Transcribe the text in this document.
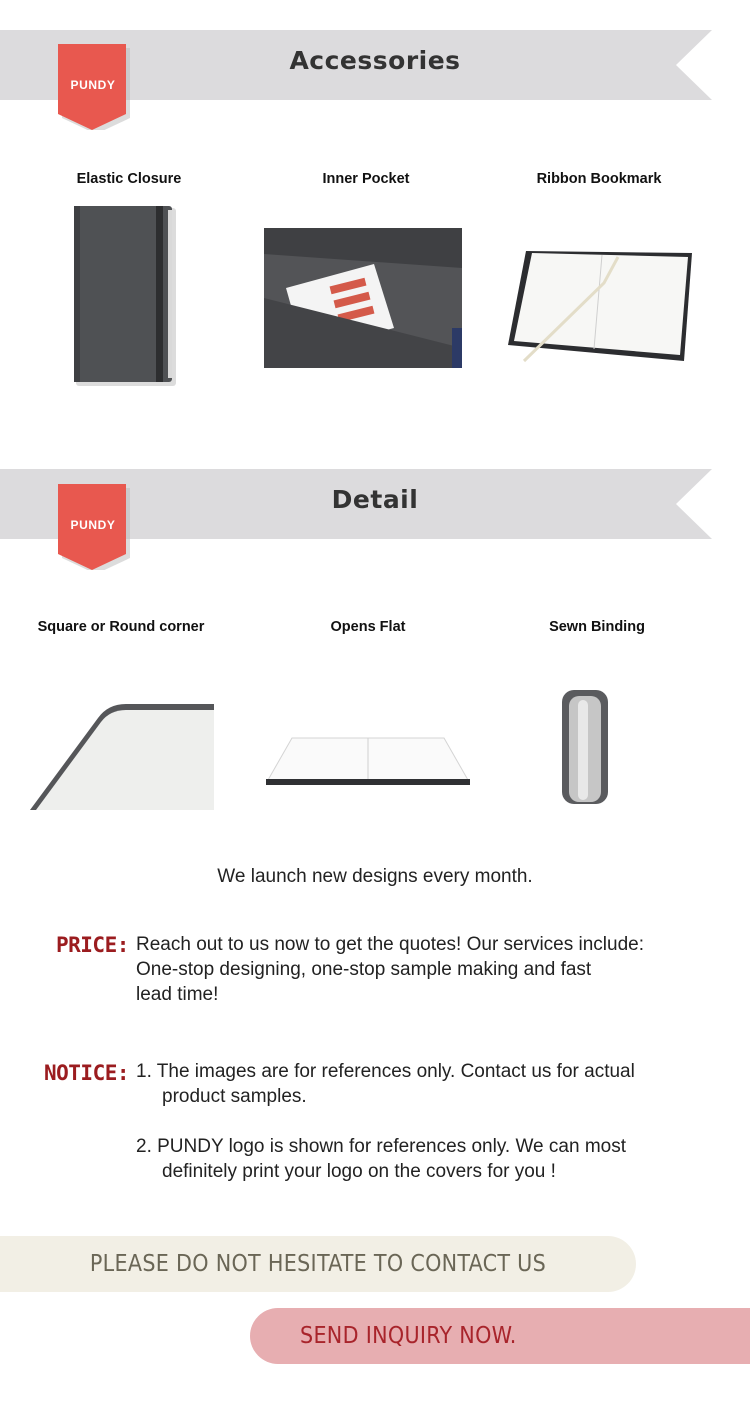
Accessories
PUNDY
Elastic Closure	Inner Pocket	Ribbon Bookmark
Detail
PUNDY
Square or Round corner	Opens Flat	Sewn Binding
We launch new designs every month.
PRICE: Reach out to us now to get the quotes! Our services include:

One-stop designing, one-stop sample making and fast

lead time!

NOTICE: 1. The images are for references only. Contact us for actual

product samples.

2. PUNDY logo is shown for references only. We can most

definitely print your logo on the covers for you !

PLEASE DO NOT HESITATE TO CONTACT US
SEND INQUIRY NOW.
